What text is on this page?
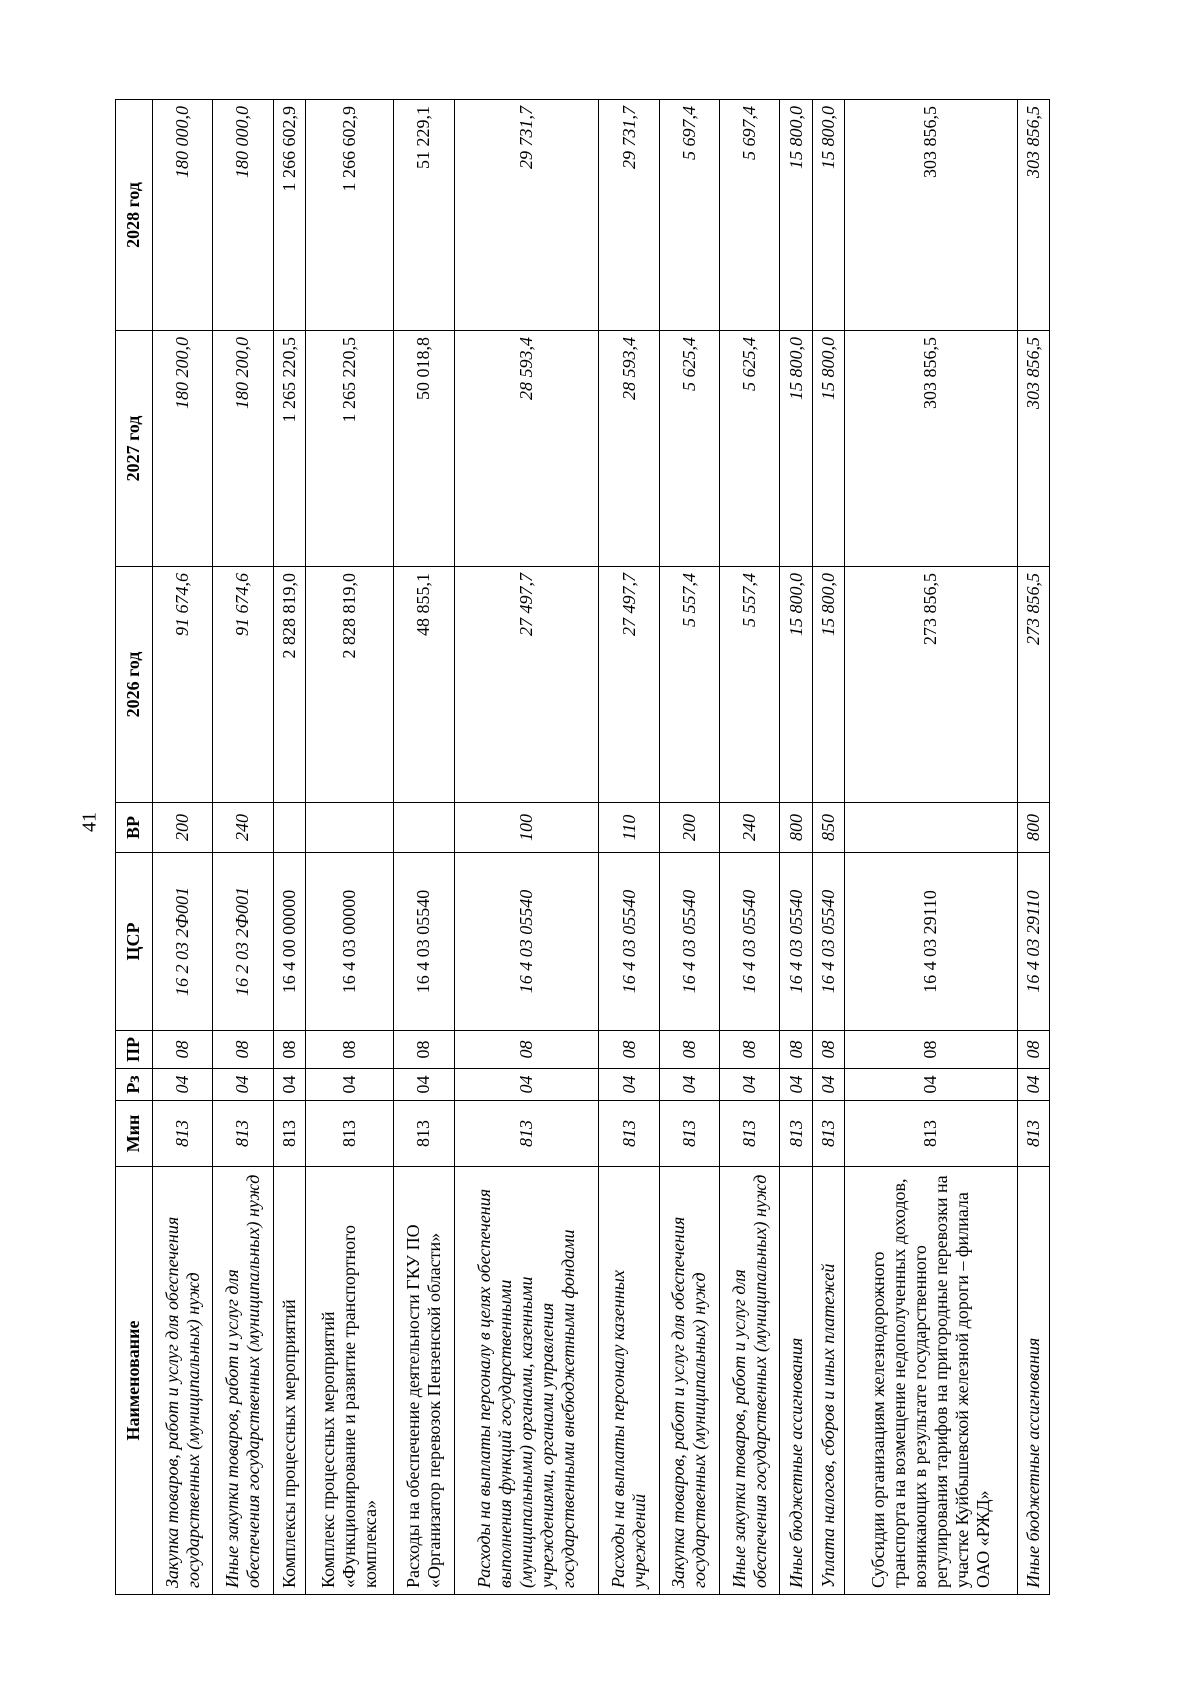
41
Наименование	Мин	Рз	ПР	ЦСР	ВР	2026 год	2027 год	2028 год
Закупка товаров, работ и услуг для обеспечения государственных (муниципальных) нужд	813	04	08	16 2 03 2Ф001	200	91 674,6	180 200,0	180 000,0
Иные закупки товаров, работ и услуг для обеспечения государственных (муниципальных) нужд	813	04	08	16 2 03 2Ф001	240	91 674,6	180 200,0	180 000,0
Комплексы процессных мероприятий	813	04	08	16 4 00 00000		2 828 819,0	1 265 220,5	1 266 602,9
Комплекс процессных мероприятий «Функционирование и развитие транспортного комплекса»	813	04	08	16 4 03 00000		2 828 819,0	1 265 220,5	1 266 602,9
Расходы на обеспечение деятельности ГКУ ПО «Организатор перевозок Пензенской области»	813	04	08	16 4 03 05540		48 855,1	50 018,8	51 229,1
Расходы на выплаты персоналу в целях обеспечения выполнения функций государственными (муниципальными) органами, казенными учреждениями, органами управления государственными внебюджетными фондами	813	04	08	16 4 03 05540	100	27 497,7	28 593,4	29 731,7
Расходы на выплаты персоналу казенных учреждений	813	04	08	16 4 03 05540	110	27 497,7	28 593,4	29 731,7
Закупка товаров, работ и услуг для обеспечения государственных (муниципальных) нужд	813	04	08	16 4 03 05540	200	5 557,4	5 625,4	5 697,4
Иные закупки товаров, работ и услуг для обеспечения государственных (муниципальных) нужд	813	04	08	16 4 03 05540	240	5 557,4	5 625,4	5 697,4
Иные бюджетные ассигнования	813	04	08	16 4 03 05540	800	15 800,0	15 800,0	15 800,0
Уплата налогов, сборов и иных платежей	813	04	08	16 4 03 05540	850	15 800,0	15 800,0	15 800,0
Субсидии организациям железнодорожного транспорта на возмещение недополученных доходов, возникающих в результате государственного регулирования тарифов на пригородные перевозки на участке Куйбышевской железной дороги – филиала ОАО «РЖД»	813	04	08	16 4 03 29110		273 856,5	303 856,5	303 856,5
Иные бюджетные ассигнования	813	04	08	16 4 03 29110	800	273 856,5	303 856,5	303 856,5
